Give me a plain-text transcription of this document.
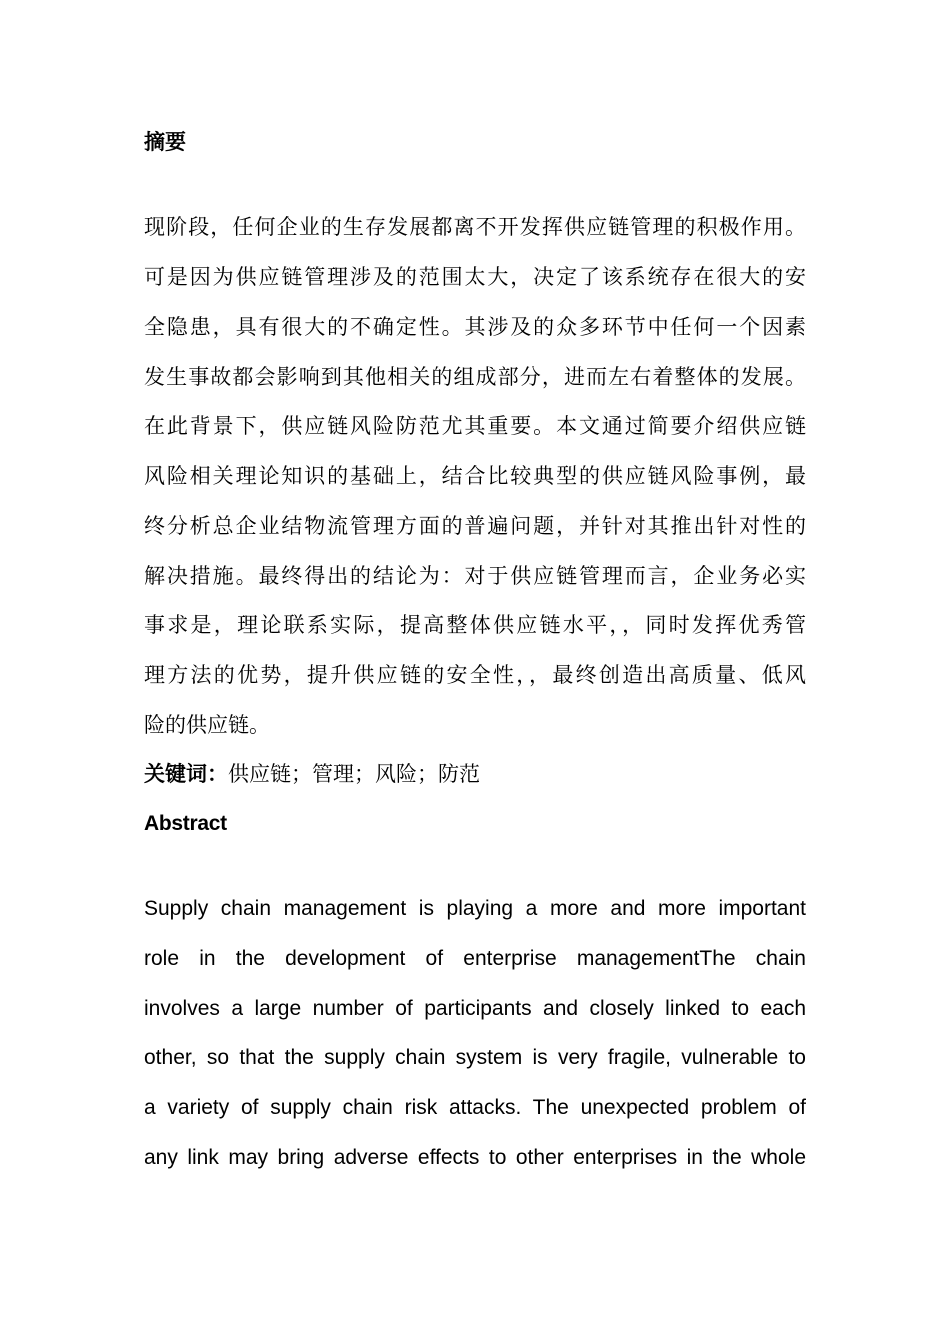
摘要

现阶段，任何企业的生存发展都离不开发挥供应链管理的积极作用。

可是因为供应链管理涉及的范围太大，决定了该系统存在很大的安

全隐患，具有很大的不确定性。其涉及的众多环节中任何一个因素

发生事故都会影响到其他相关的组成部分，进而左右着整体的发展。

在此背景下，供应链风险防范尤其重要。本文通过简要介绍供应链

风险相关理论知识的基础上，结合比较典型的供应链风险事例，最

终分析总企业结物流管理方面的普遍问题，并针对其推出针对性的

解决措施。最终得出的结论为：对于供应链管理而言，企业务必实

事求是，理论联系实际，提高整体供应链水平，，同时发挥优秀管

理方法的优势，提升供应链的安全性，，最终创造出高质量、低风

险的供应链。

关键词：供应链；管理；风险；防范

Abstract

Supply chain management is playing a more and more important

role in the development of enterprise managementThe chain

involves a large number of participants and closely linked to each

other, so that the supply chain system is very fragile, vulnerable to

a variety of supply chain risk attacks. The unexpected problem of

any link may bring adverse effects to other enterprises in the whole
